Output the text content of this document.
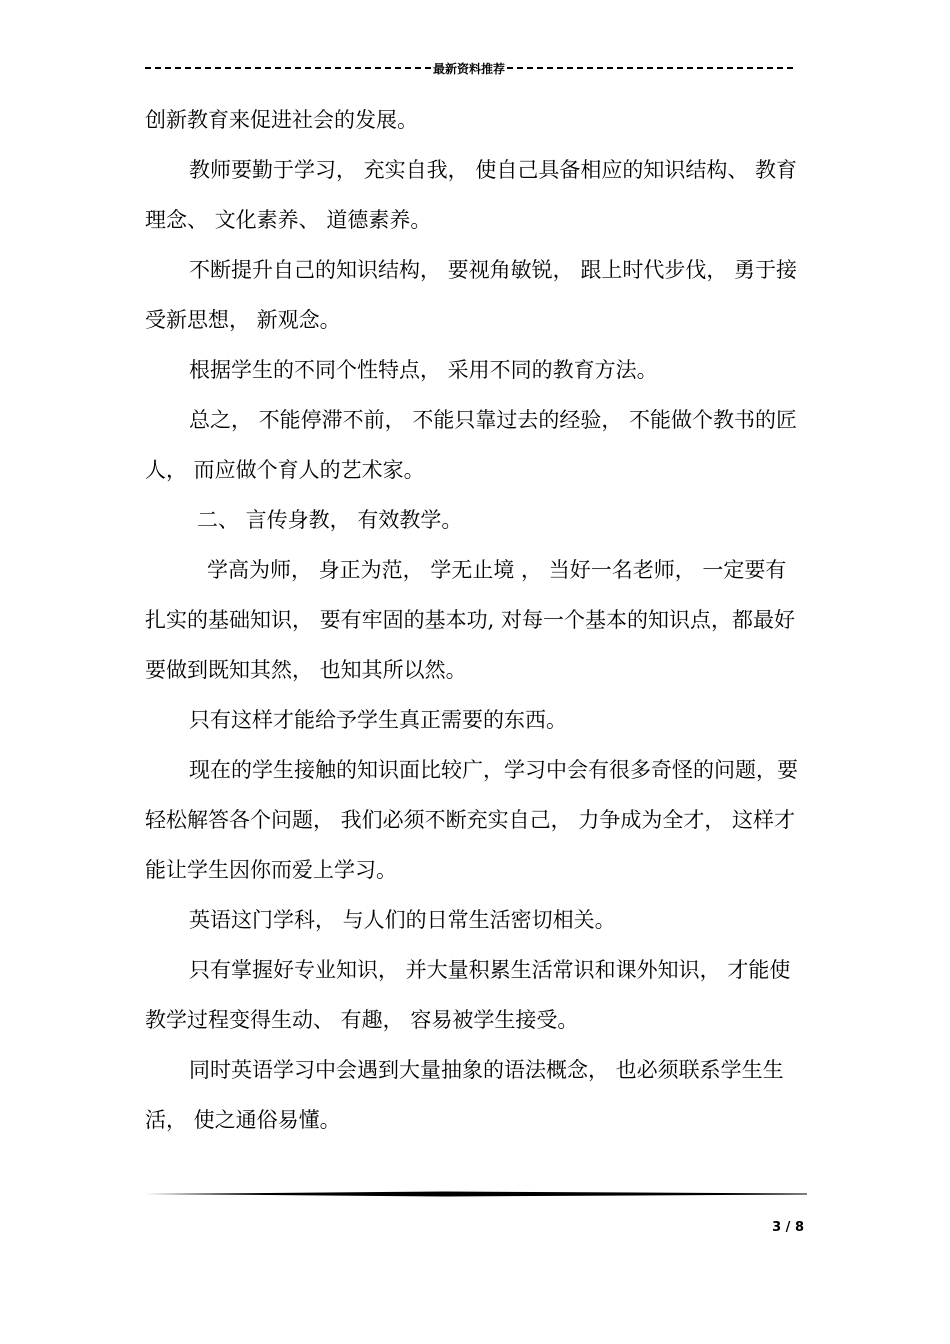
最新资料推荐

创新教育来促进社会的发展。

教师要勤于学习， 充实自我， 使自己具备相应的知识结构、 教育理念、 文化素养、 道德素养。

不断提升自己的知识结构， 要视角敏锐， 跟上时代步伐， 勇于接受新思想， 新观念。

根据学生的不同个性特点， 采用不同的教育方法。

总之， 不能停滞不前， 不能只靠过去的经验， 不能做个教书的匠人， 而应做个育人的艺术家。

二、 言传身教， 有效教学。

学高为师， 身正为范， 学无止境 ， 当好一名老师， 一定要有扎实的基础知识， 要有牢固的基本功, 对每一个基本的知识点，都最好要做到既知其然， 也知其所以然。

只有这样才能给予学生真正需要的东西。

现在的学生接触的知识面比较广，学习中会有很多奇怪的问题，要轻松解答各个问题， 我们必须不断充实自己， 力争成为全才， 这样才能让学生因你而爱上学习。

英语这门学科， 与人们的日常生活密切相关。

只有掌握好专业知识， 并大量积累生活常识和课外知识， 才能使教学过程变得生动、 有趣， 容易被学生接受。

同时英语学习中会遇到大量抽象的语法概念， 也必须联系学生生活， 使之通俗易懂。

3 / 8
